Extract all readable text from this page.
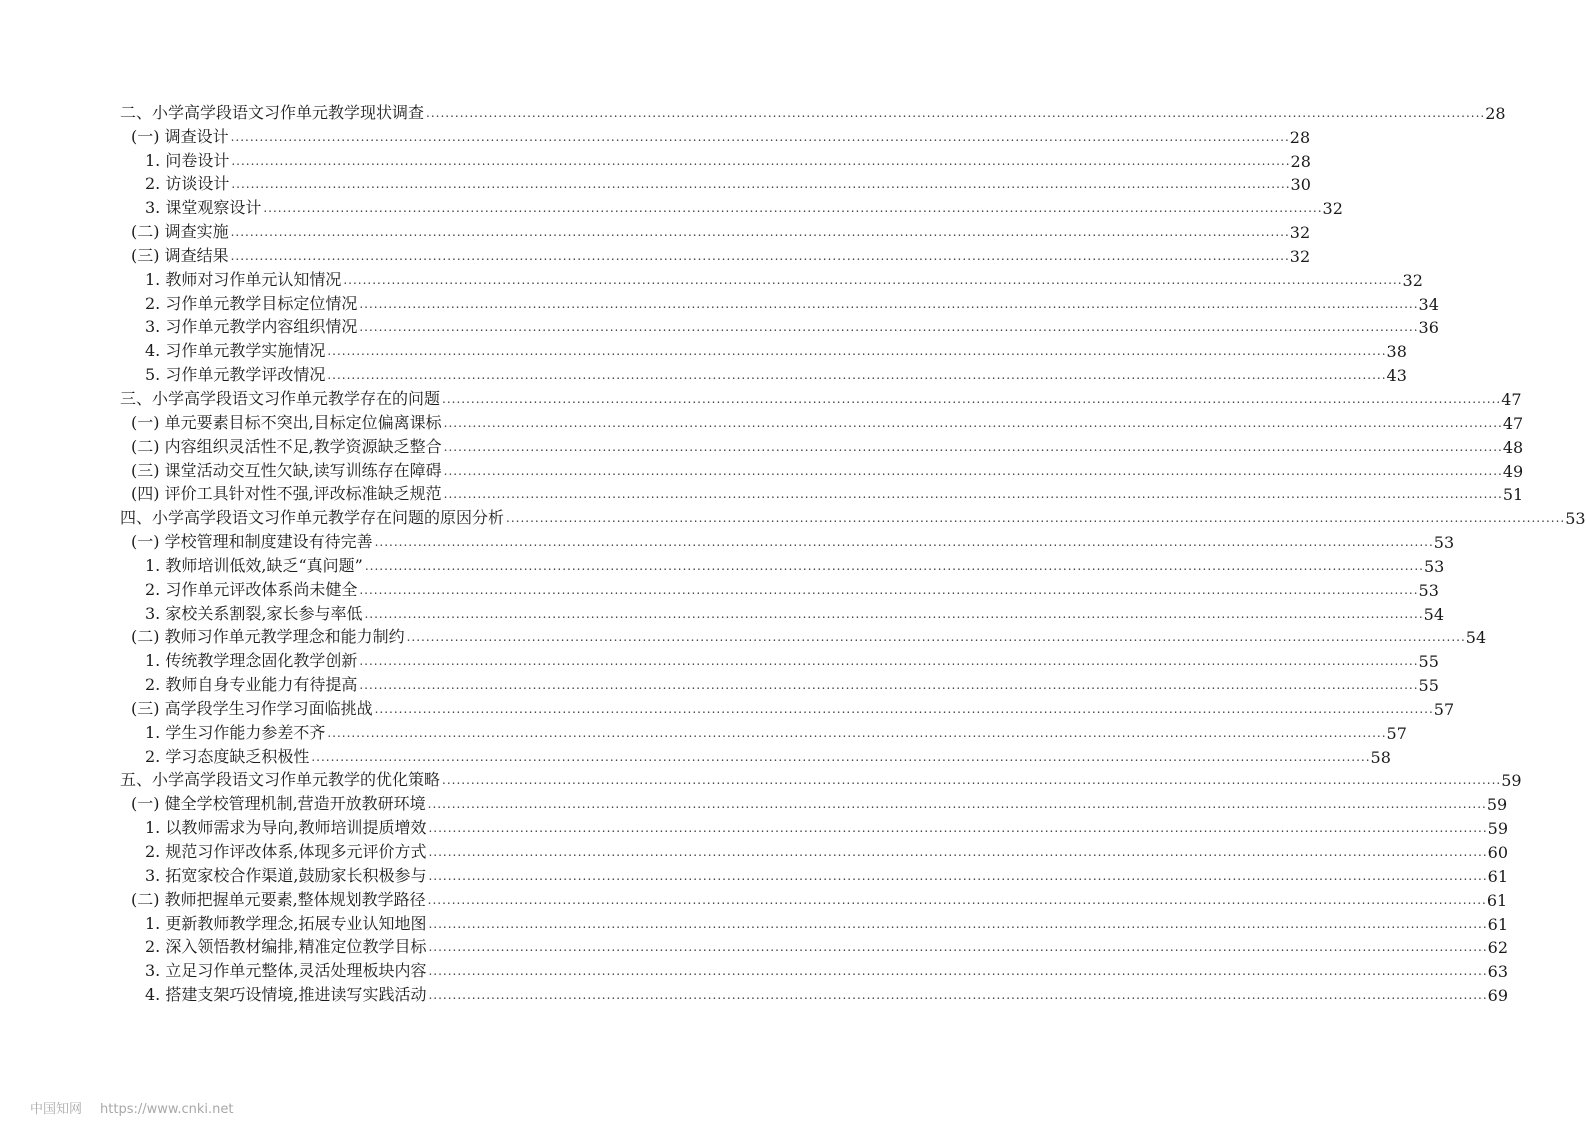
二、小学高学段语文习作单元教学现状调查 ............................................................................................................................................................................................................................ 28
(一) 调查设计 ............................................................................................................................................................................................................................ 28
1. 问卷设计 ............................................................................................................................................................................................................................ 28
2. 访谈设计 ............................................................................................................................................................................................................................ 30
3. 课堂观察设计 ............................................................................................................................................................................................................................ 32
(二) 调查实施 ............................................................................................................................................................................................................................ 32
(三) 调查结果 ............................................................................................................................................................................................................................ 32
1. 教师对习作单元认知情况 ............................................................................................................................................................................................................................ 32
2. 习作单元教学目标定位情况 ............................................................................................................................................................................................................................ 34
3. 习作单元教学内容组织情况 ............................................................................................................................................................................................................................ 36
4. 习作单元教学实施情况 ............................................................................................................................................................................................................................ 38
5. 习作单元教学评改情况 ............................................................................................................................................................................................................................ 43
三、小学高学段语文习作单元教学存在的问题 ............................................................................................................................................................................................................................ 47
(一) 单元要素目标不突出,目标定位偏离课标 ............................................................................................................................................................................................................................ 47
(二) 内容组织灵活性不足,教学资源缺乏整合 ............................................................................................................................................................................................................................ 48
(三) 课堂活动交互性欠缺,读写训练存在障碍 ............................................................................................................................................................................................................................ 49
(四) 评价工具针对性不强,评改标准缺乏规范 ............................................................................................................................................................................................................................ 51
四、小学高学段语文习作单元教学存在问题的原因分析 ............................................................................................................................................................................................................................ 53
(一) 学校管理和制度建设有待完善 ............................................................................................................................................................................................................................ 53
1. 教师培训低效,缺乏“真问题” ............................................................................................................................................................................................................................ 53
2. 习作单元评改体系尚未健全 ............................................................................................................................................................................................................................ 53
3. 家校关系割裂,家长参与率低 ............................................................................................................................................................................................................................ 54
(二) 教师习作单元教学理念和能力制约 ............................................................................................................................................................................................................................ 54
1. 传统教学理念固化教学创新 ............................................................................................................................................................................................................................ 55
2. 教师自身专业能力有待提高 ............................................................................................................................................................................................................................ 55
(三) 高学段学生习作学习面临挑战 ............................................................................................................................................................................................................................ 57
1. 学生习作能力参差不齐 ............................................................................................................................................................................................................................ 57
2. 学习态度缺乏积极性 ............................................................................................................................................................................................................................ 58
五、小学高学段语文习作单元教学的优化策略 ............................................................................................................................................................................................................................ 59
(一) 健全学校管理机制,营造开放教研环境 ............................................................................................................................................................................................................................ 59
1. 以教师需求为导向,教师培训提质增效 ............................................................................................................................................................................................................................ 59
2. 规范习作评改体系,体现多元评价方式 ............................................................................................................................................................................................................................ 60
3. 拓宽家校合作渠道,鼓励家长积极参与 ............................................................................................................................................................................................................................ 61
(二) 教师把握单元要素,整体规划教学路径 ............................................................................................................................................................................................................................ 61
1. 更新教师教学理念,拓展专业认知地图 ............................................................................................................................................................................................................................ 61
2. 深入领悟教材编排,精准定位教学目标 ............................................................................................................................................................................................................................ 62
3. 立足习作单元整体,灵活处理板块内容 ............................................................................................................................................................................................................................ 63
4. 搭建支架巧设情境,推进读写实践活动 ............................................................................................................................................................................................................................ 69
中国知网 https://www.cnki.net
